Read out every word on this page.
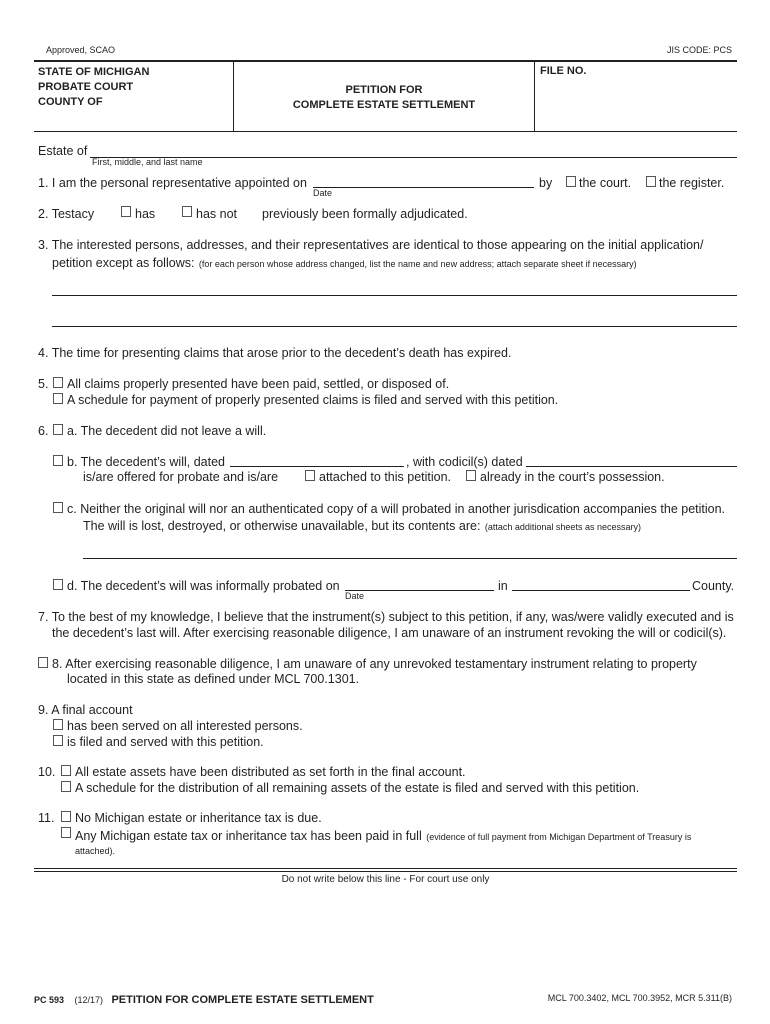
Approved, SCAO	JIS CODE: PCS
STATE OF MICHIGAN
PROBATE COURT
COUNTY OF
PETITION FOR
COMPLETE ESTATE SETTLEMENT
FILE NO.
Estate of
First, middle, and last name
1. I am the personal representative appointed on
Date
by the court. the register.
2. Testacy	has	has not previously been formally adjudicated.
3. The interested persons, addresses, and their representatives are identical to those appearing on the initial application/
petition except as follows: (for each person whose address changed, list the name and new address; attach separate sheet if necessary)
4. The time for presenting claims that arose prior to the decedent’s death has expired.
5. All claims properly presented have been paid, settled, or disposed of.
A schedule for payment of properly presented claims is filed and served with this petition.
6. a. The decedent did not leave a will.
b. The decedent’s will, dated	, with codicil(s) dated
is/are offered for probate and is/are	attached to this petition. already in the court’s possession.
c. Neither the original will nor an authenticated copy of a will probated in another jurisdication accompanies the petition.
The will is lost, destroyed, or otherwise unavailable, but its contents are: (attach additional sheets as necessary)
d. The decedent’s will was informally probated on
Date
in	County.
7. To the best of my knowledge, I believe that the instrument(s) subject to this petition, if any, was/were validly executed and is
the decedent’s last will. After exercising reasonable diligence, I am unaware of an instrument revoking the will or codicil(s).
8. After exercising reasonable diligence, I am unaware of any unrevoked testamentary instrument relating to property
located in this state as defined under MCL 700.1301.
9. A final account
has been served on all interested persons.
is filed and served with this petition.
10. All estate assets have been distributed as set forth in the final account.
A schedule for the distribution of all remaining assets of the estate is filed and served with this petition.
11. No Michigan estate or inheritance tax is due.
Any Michigan estate tax or inheritance tax has been paid in full (evidence of full payment from Michigan Department of Treasury is
attached).
Do not write below this line - For court use only
PC 593 (12/17) PETITION FOR COMPLETE ESTATE SETTLEMENT	MCL 700.3402, MCL 700.3952, MCR 5.311(B)
